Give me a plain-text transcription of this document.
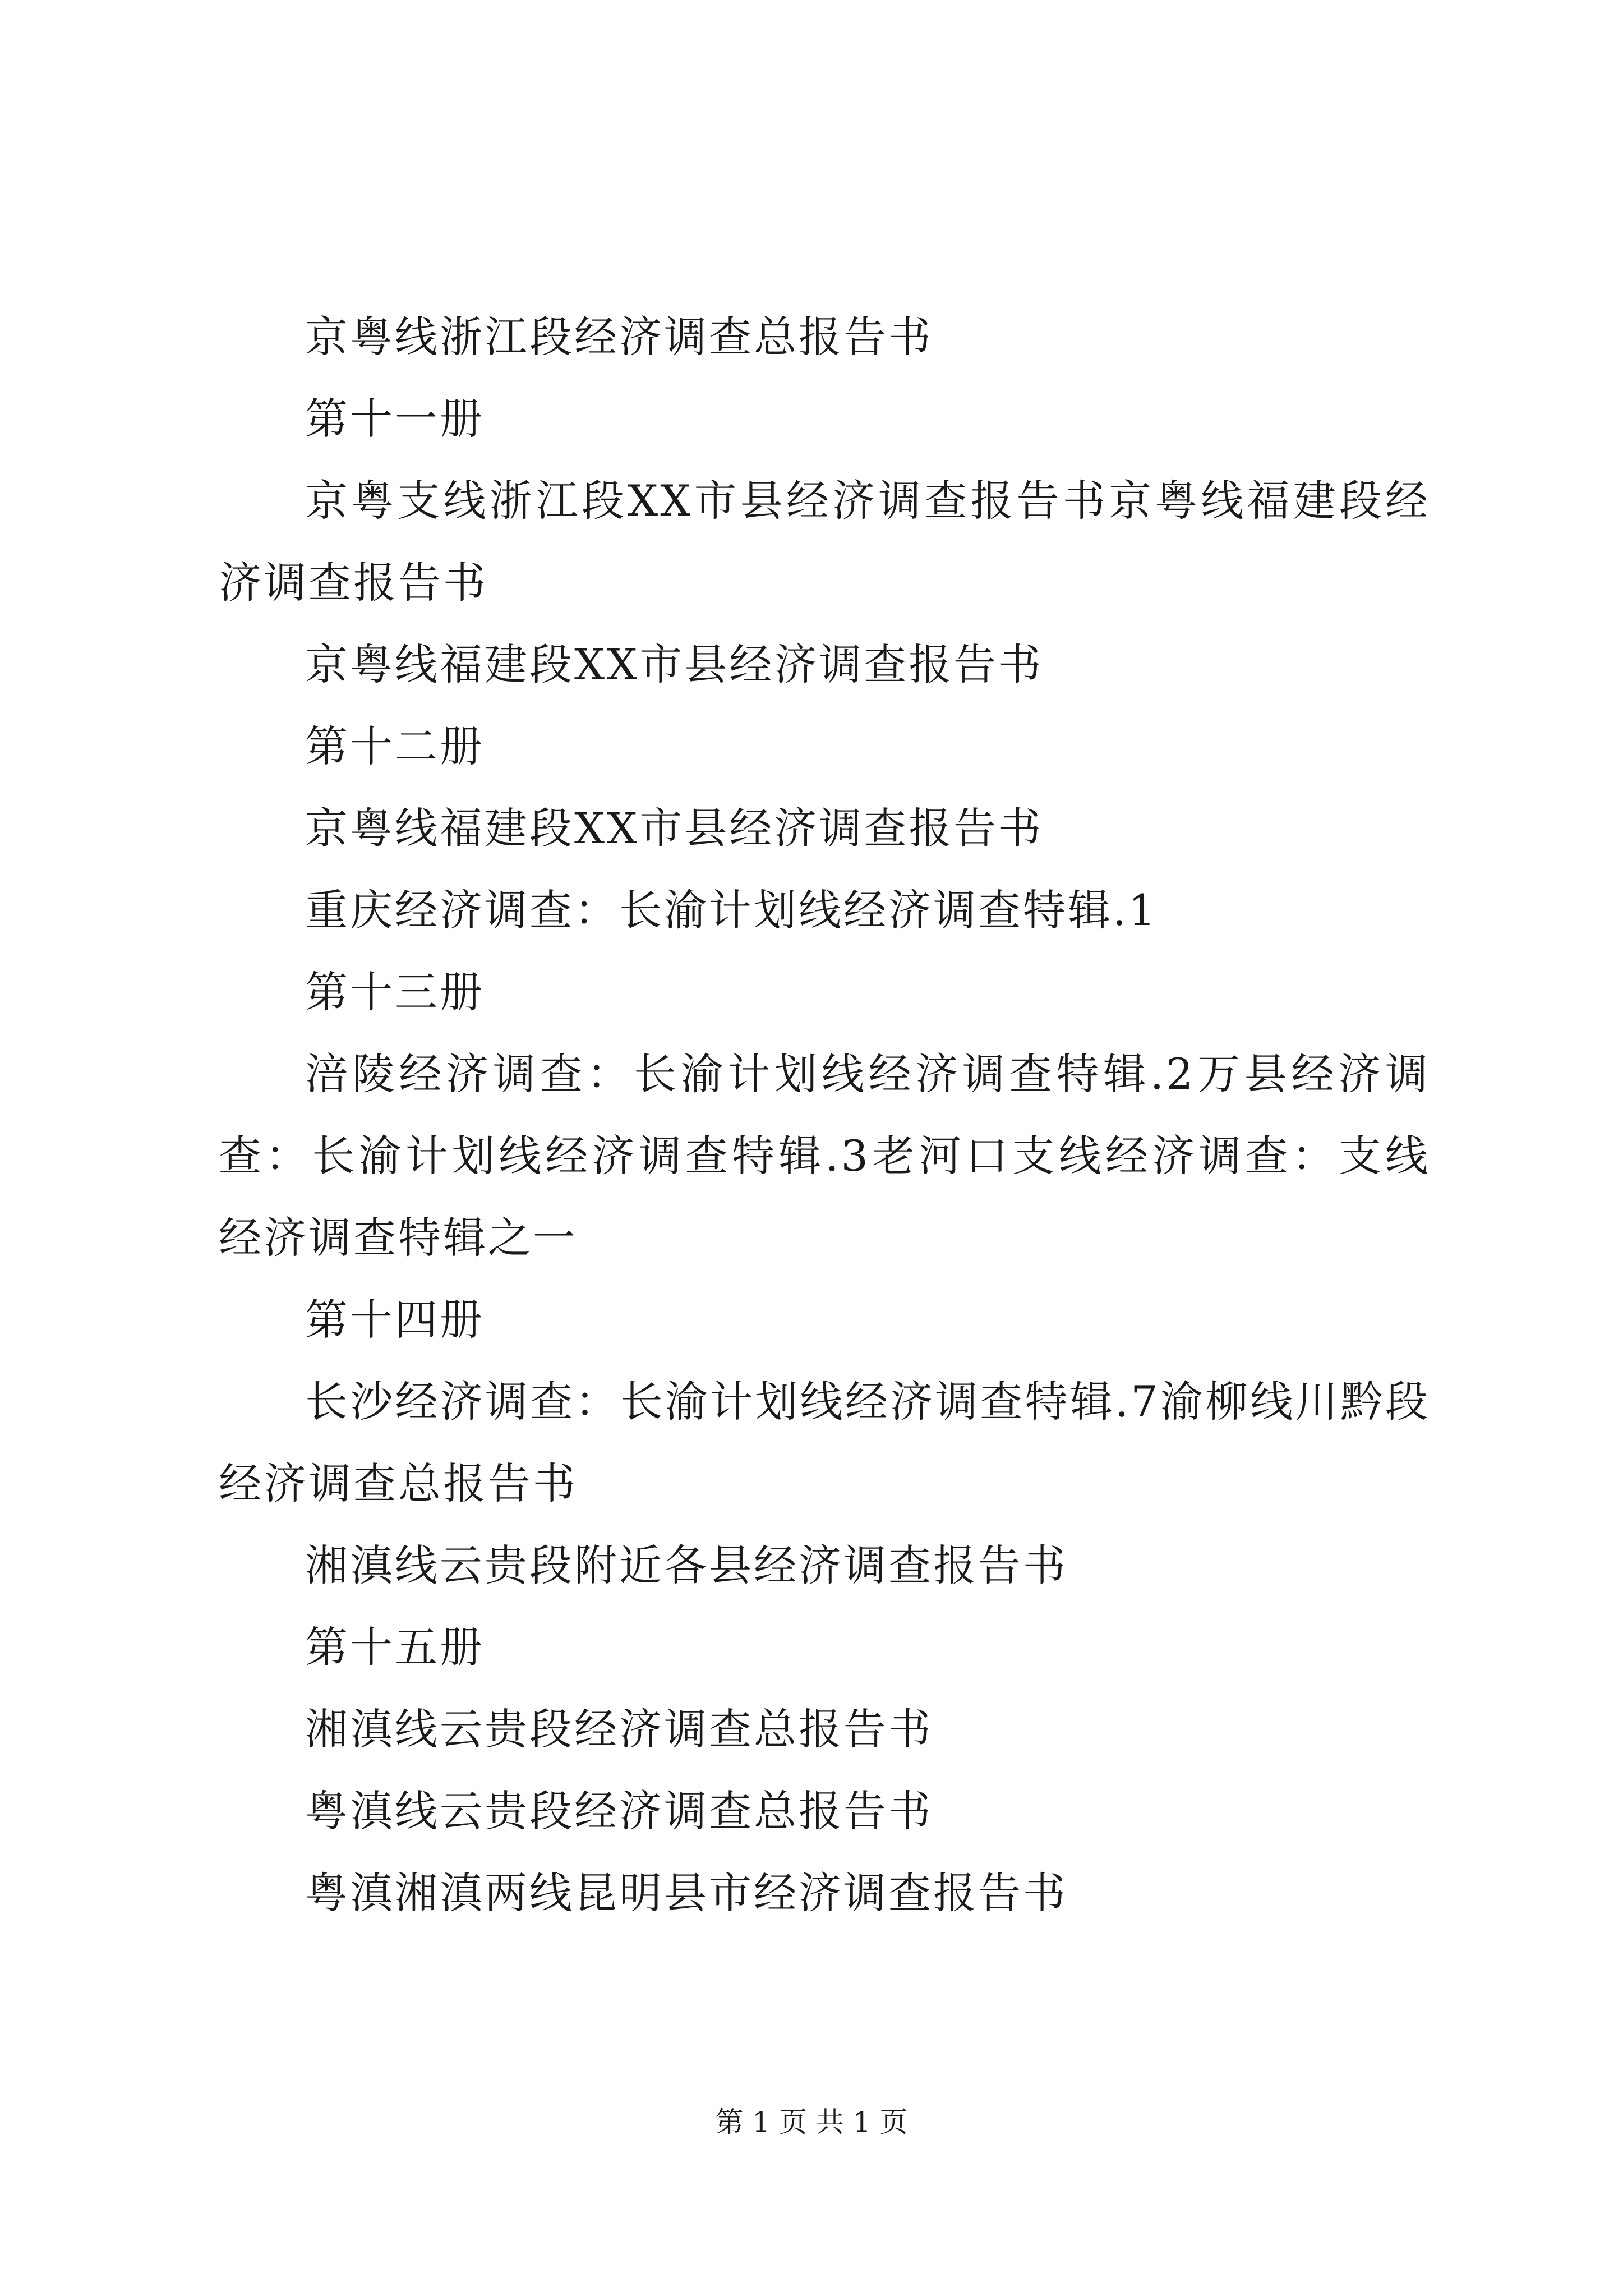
京粤线浙江段经济调查总报告书

第十一册

京粤支线浙江段XX市县经济调查报告书京粤线福建段经济调查报告书

京粤线福建段XX市县经济调查报告书

第十二册

京粤线福建段XX市县经济调查报告书

重庆经济调查：长渝计划线经济调查特辑.1

第十三册

涪陵经济调查：长渝计划线经济调查特辑.2万县经济调查：长渝计划线经济调查特辑.3老河口支线经济调查：支线经济调查特辑之一

第十四册

长沙经济调查：长渝计划线经济调查特辑.7渝柳线川黔段经济调查总报告书

湘滇线云贵段附近各县经济调查报告书

第十五册

湘滇线云贵段经济调查总报告书

粤滇线云贵段经济调查总报告书

粤滇湘滇两线昆明县市经济调查报告书

第 1 页 共 1 页
